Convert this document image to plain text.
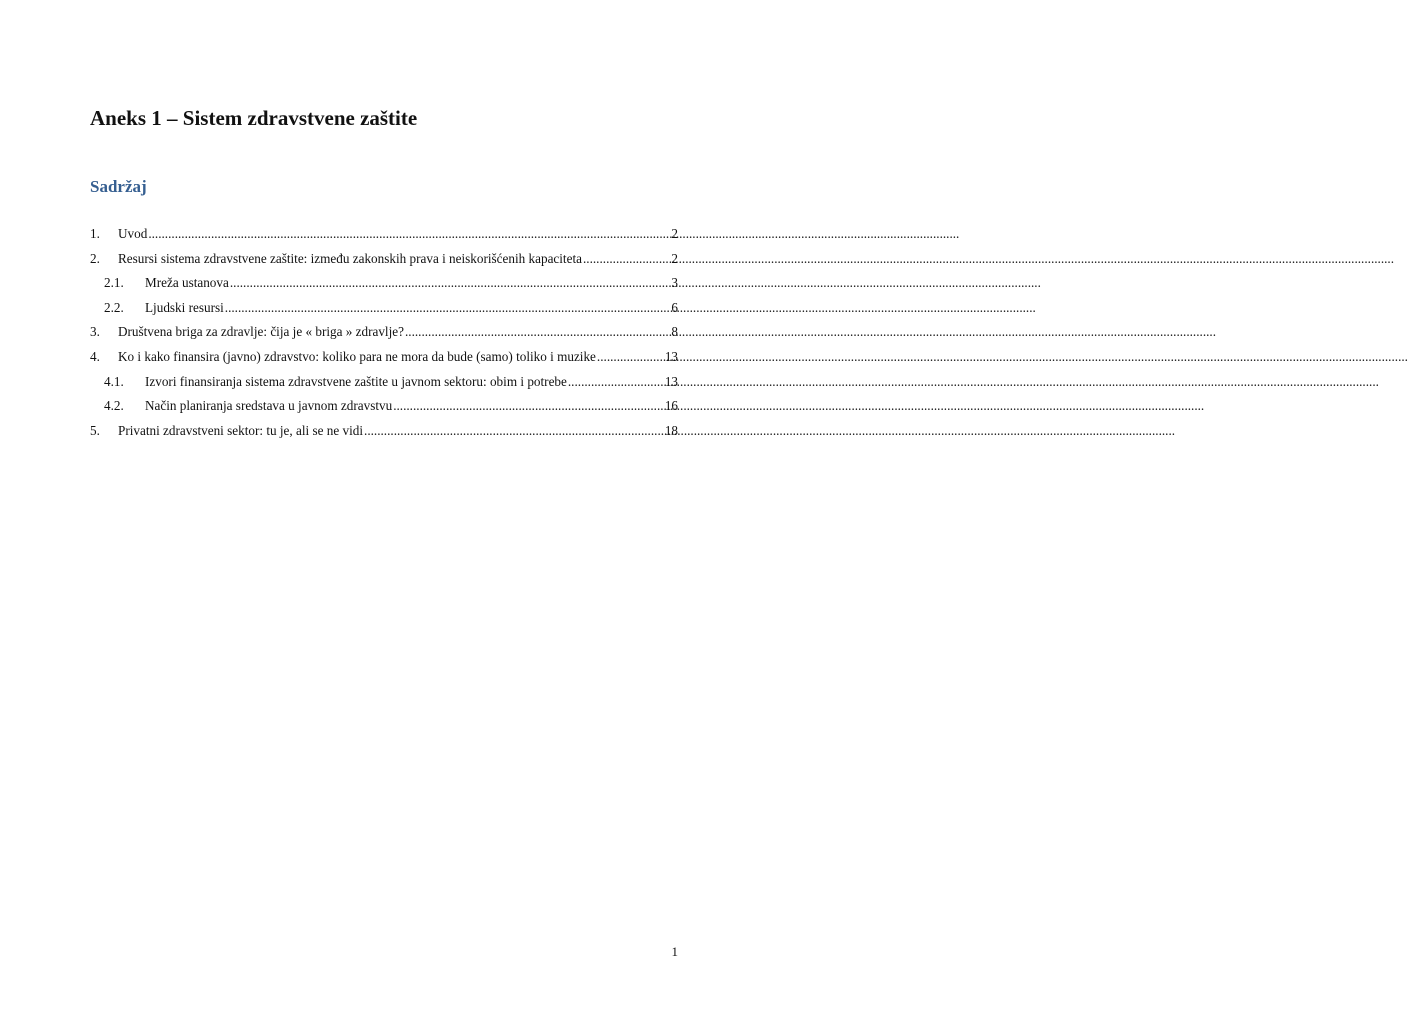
Aneks 1 – Sistem zdravstvene zaštite
Sadržaj
1.	Uvod .....	2
2.	Resursi sistema zdravstvene zaštite: između zakonskih prava i neiskorišćenih kapaciteta .....	2
2.1.	Mreža ustanova .....	3
2.2.	Ljudski resursi .....	6
3.	Društvena briga za zdravlje: čija je « briga » zdravlje? .....	8
4.	Ko i kako finansira (javno) zdravstvo: koliko para ne mora da bude (samo) toliko i muzike .....	13
4.1.	Izvori finansiranja sistema zdravstvene zaštite u javnom sektoru: obim i potrebe .....	13
4.2.	Način planiranja sredstava u javnom zdravstvu .....	16
5.	Privatni zdravstveni sektor: tu je, ali se ne vidi .....	18
1
